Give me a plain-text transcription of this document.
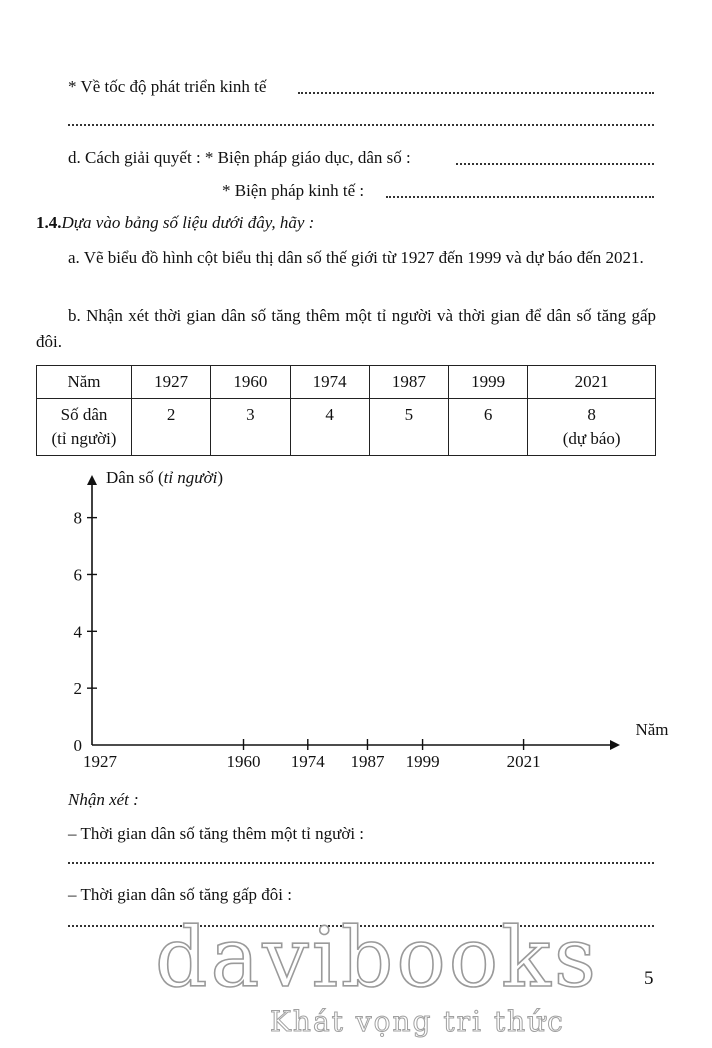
* Về tốc độ phát triển kinh tế
d. Cách giải quyết : * Biện pháp giáo dục, dân số :
* Biện pháp kinh tế :
1.4.Dựa vào bảng số liệu dưới đây, hãy :
a. Vẽ biểu đồ hình cột biểu thị dân số thế giới từ 1927 đến 1999 và dự báo đến 2021.
b. Nhận xét thời gian dân số tăng thêm một tỉ người và thời gian để dân số tăng gấp đôi.
Năm	1927	1960	1974	1987	1999	2021

Số dân
(tỉ người)	2	3	4	5	6	8
(dự báo)
Dân số (tỉ người)
2
4
6
8
0
1927	1960 1974 1987 1999	2021
Năm
Nhận xét :
– Thời gian dân số tăng thêm một tỉ người :
– Thời gian dân số tăng gấp đôi :
davibooks
Khát vọng tri thức
5
